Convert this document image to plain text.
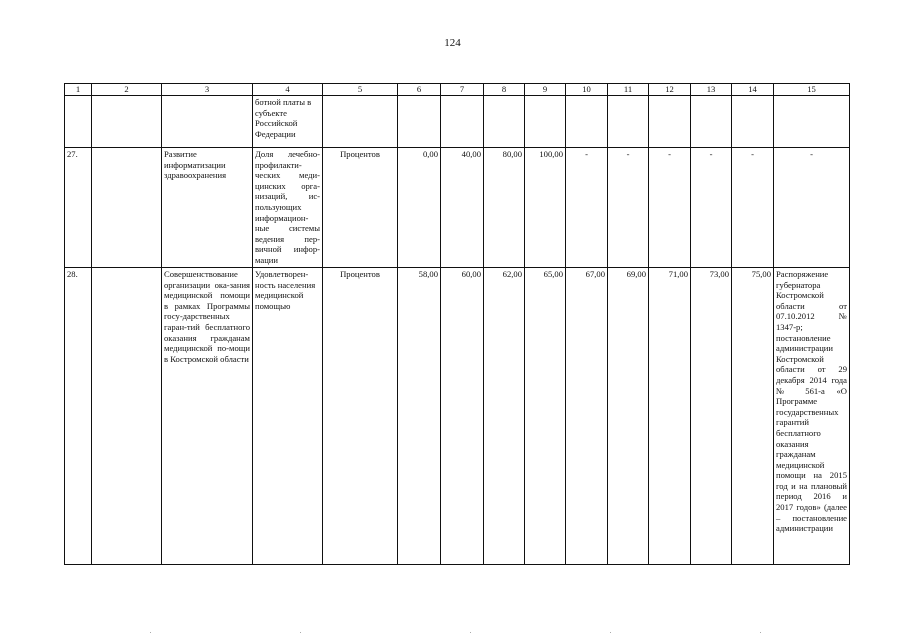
124
1	2	3	4	5	6	7	8	9	10	11	12	13	14	15
			ботной платы в субъекте Российской Федерации											
27.		Развитие информатизации здравоохранения	Доля лечебно-профилакти-ческих меди-цинских орга-низаций, ис-пользующих информацион-ные системы ведения пер-вичной инфор-мации	Процентов	0,00	40,00	80,00	100,00	-	-	-	-	-	-
28.		Совершенствование организации ока-зания медицинской помощи в рамках Программы госу-дарственных гаран-тий бесплатного оказания гражданам медицинской по-мощи в Костромской области	Удовлетворен-ность населения медицинской помощью	Процентов	58,00	60,00	62,00	65,00	67,00	69,00	71,00	73,00	75,00	Распоряжение губернатора Костромской области от 07.10.2012 № 1347-р; постановление администрации Костромской области от 29 декабря 2014 года № 561-а «О Программе государственных гарантий бесплатного оказания гражданам медицинской помощи на 2015 год и на плановый период 2016 и 2017 годов» (далее – постановление администрации
